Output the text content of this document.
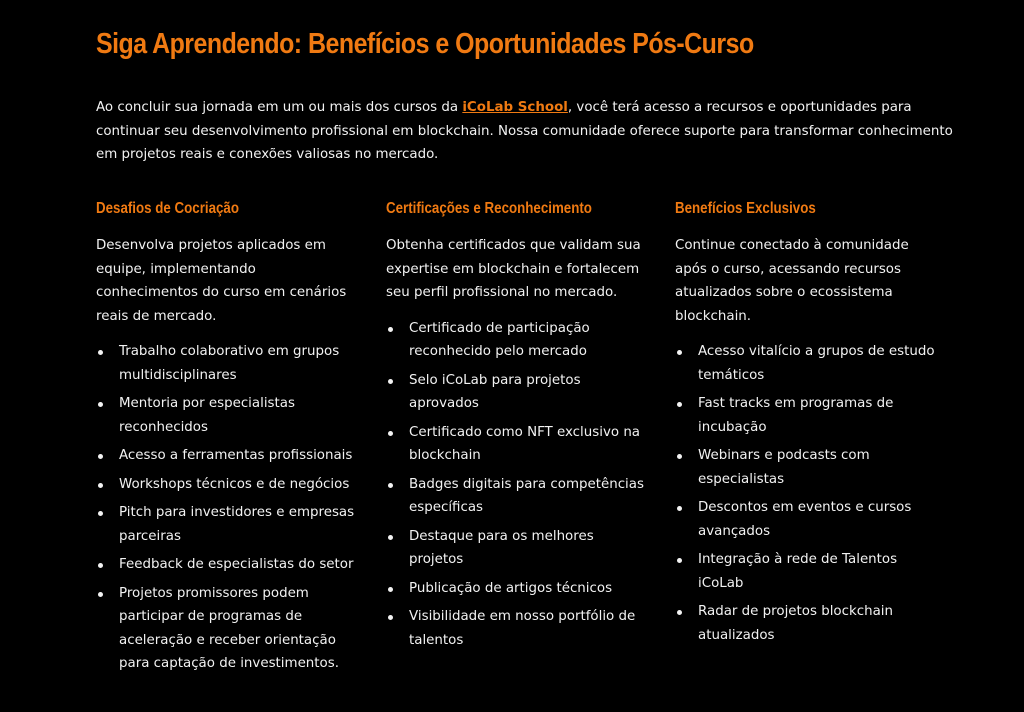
Siga Aprendendo: Benefícios e Oportunidades Pós-Curso

Ao concluir sua jornada em um ou mais dos cursos da iCoLab School, você terá acesso a recursos e oportunidades para continuar seu desenvolvimento profissional em blockchain. Nossa comunidade oferece suporte para transformar conhecimento em projetos reais e conexões valiosas no mercado.

Desafios de Cocriação

Desenvolva projetos aplicados em equipe, implementando conhecimentos do curso em cenários reais de mercado.

Trabalho colaborativo em grupos multidisciplinares
Mentoria por especialistas reconhecidos
Acesso a ferramentas profissionais
Workshops técnicos e de negócios
Pitch para investidores e empresas parceiras
Feedback de especialistas do setor
Projetos promissores podem participar de programas de aceleração e receber orientação para captação de investimentos.
Certificações e Reconhecimento

Obtenha certificados que validam sua expertise em blockchain e fortalecem seu perfil profissional no mercado.

Certificado de participação reconhecido pelo mercado
Selo iCoLab para projetos aprovados
Certificado como NFT exclusivo na blockchain
Badges digitais para competências específicas
Destaque para os melhores projetos
Publicação de artigos técnicos
Visibilidade em nosso portfólio de talentos
Benefícios Exclusivos

Continue conectado à comunidade após o curso, acessando recursos atualizados sobre o ecossistema blockchain.

Acesso vitalício a grupos de estudo temáticos
Fast tracks em programas de incubação
Webinars e podcasts com especialistas
Descontos em eventos e cursos avançados
Integração à rede de Talentos iCoLab
Radar de projetos blockchain atualizados
